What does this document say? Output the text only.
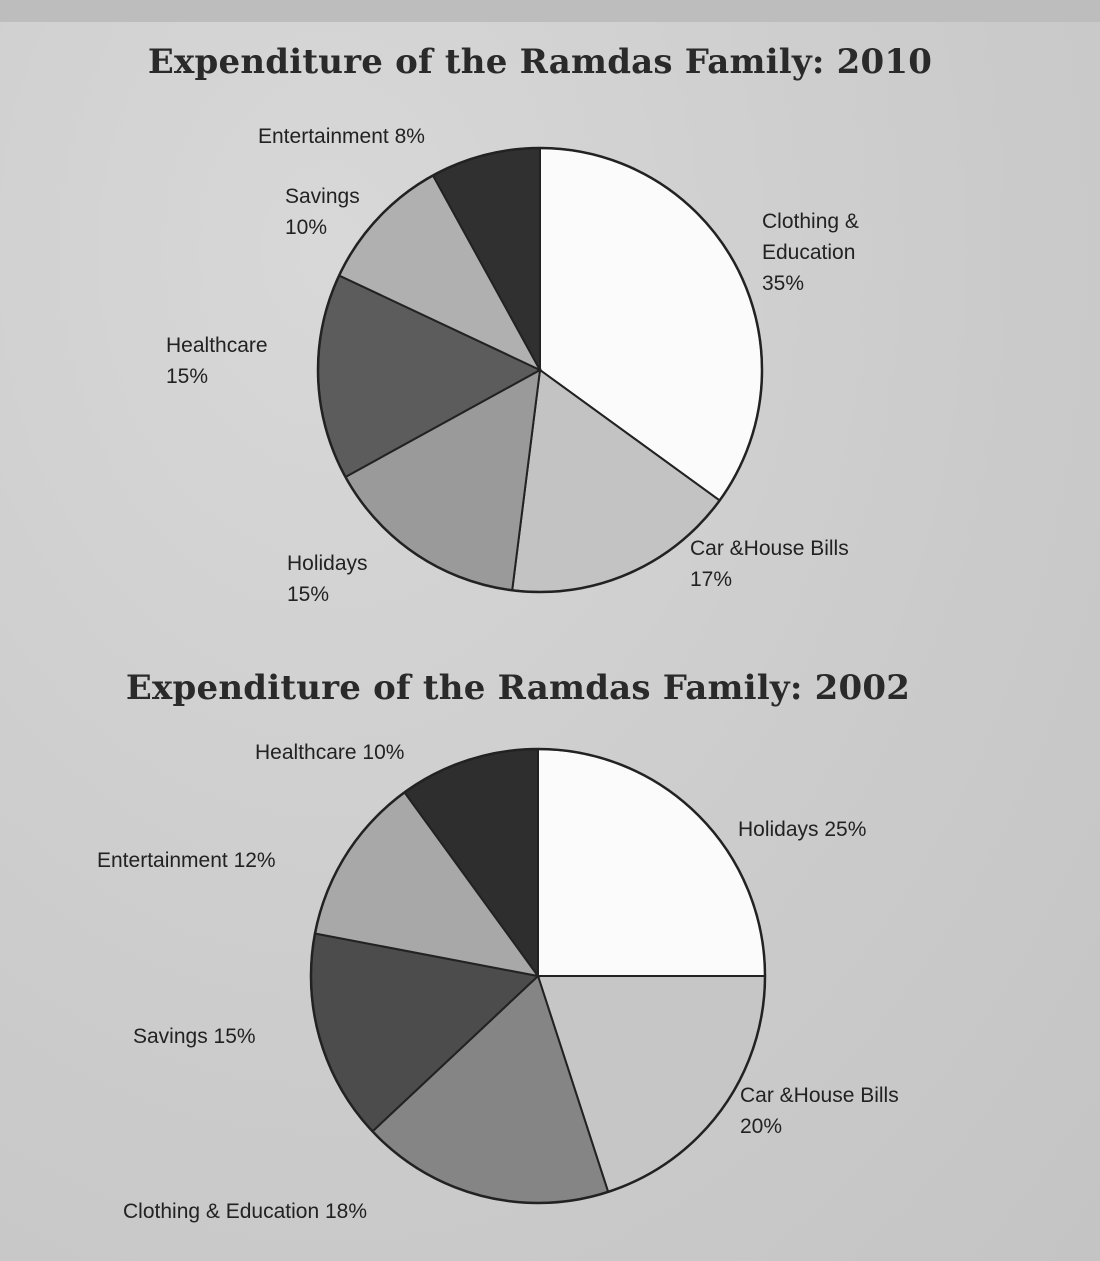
Expenditure of the Ramdas Family: 2010
Entertainment 8%
Savings
10%	Clothing &
Education
35%
Healthcare
15%
Car &House Bills
17%
Holidays
15%
Expenditure of the Ramdas Family: 2002
Healthcare 10%
Holidays 25%
Entertainment 12%
Savings 15%
Car &House Bills
20%
Clothing & Education 18%
